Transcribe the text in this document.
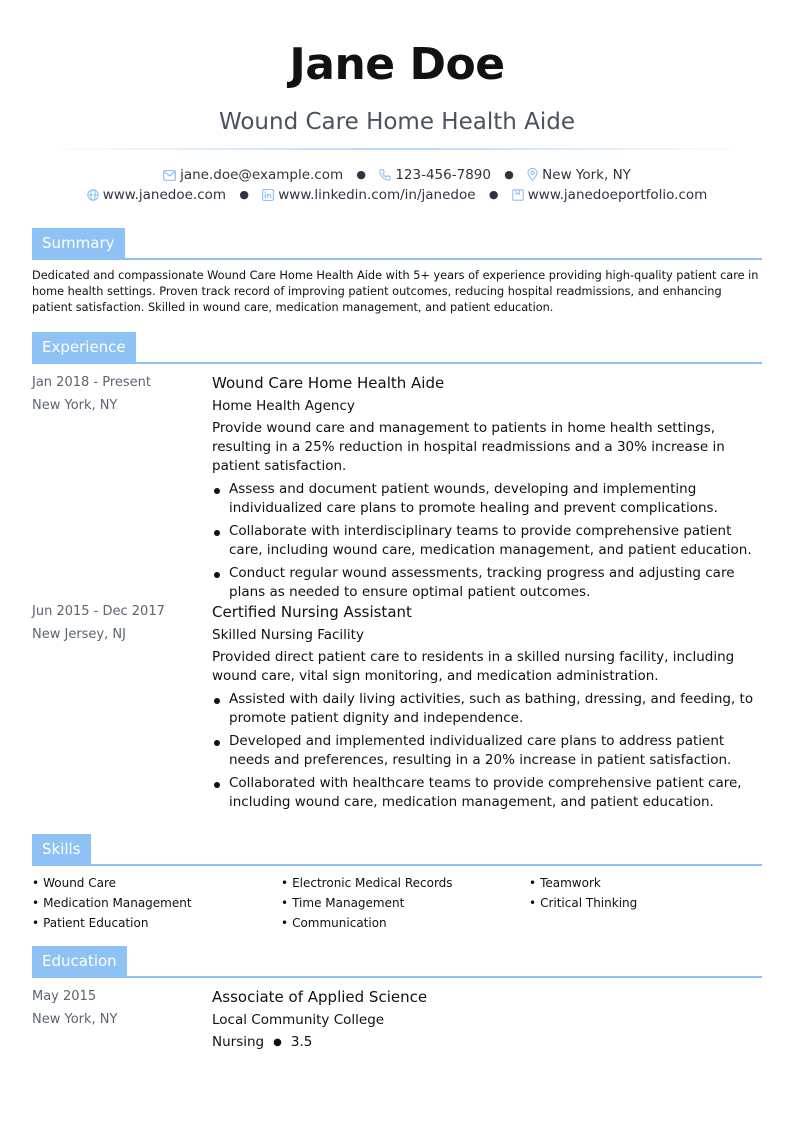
Jane Doe
Wound Care Home Health Aide
jane.doe@example.com ● 123-456-7890 ● New York, NY
www.janedoe.com ● www.linkedin.com/in/janedoe ● www.janedoeportfolio.com
Summary
Dedicated and compassionate Wound Care Home Health Aide with 5+ years of experience providing high-quality patient care in home health settings. Proven track record of improving patient outcomes, reducing hospital readmissions, and enhancing patient satisfaction. Skilled in wound care, medication management, and patient education.
Experience
Jan 2018 - Present
New York, NY
Wound Care Home Health Aide
Home Health Agency
Provide wound care and management to patients in home health settings, resulting in a 25% reduction in hospital readmissions and a 30% increase in patient satisfaction.
Assess and document patient wounds, developing and implementing individualized care plans to promote healing and prevent complications.
Collaborate with interdisciplinary teams to provide comprehensive patient care, including wound care, medication management, and patient education.
Conduct regular wound assessments, tracking progress and adjusting care plans as needed to ensure optimal patient outcomes.
Jun 2015 - Dec 2017
New Jersey, NJ
Certified Nursing Assistant
Skilled Nursing Facility
Provided direct patient care to residents in a skilled nursing facility, including wound care, vital sign monitoring, and medication administration.
Assisted with daily living activities, such as bathing, dressing, and feeding, to promote patient dignity and independence.
Developed and implemented individualized care plans to address patient needs and preferences, resulting in a 20% increase in patient satisfaction.
Collaborated with healthcare teams to provide comprehensive patient care, including wound care, medication management, and patient education.
Skills
• Wound Care
• Medication Management
• Patient Education
• Electronic Medical Records
• Time Management
• Communication
• Teamwork
• Critical Thinking
Education
May 2015
New York, NY
Associate of Applied Science
Local Community College
Nursing ● 3.5
